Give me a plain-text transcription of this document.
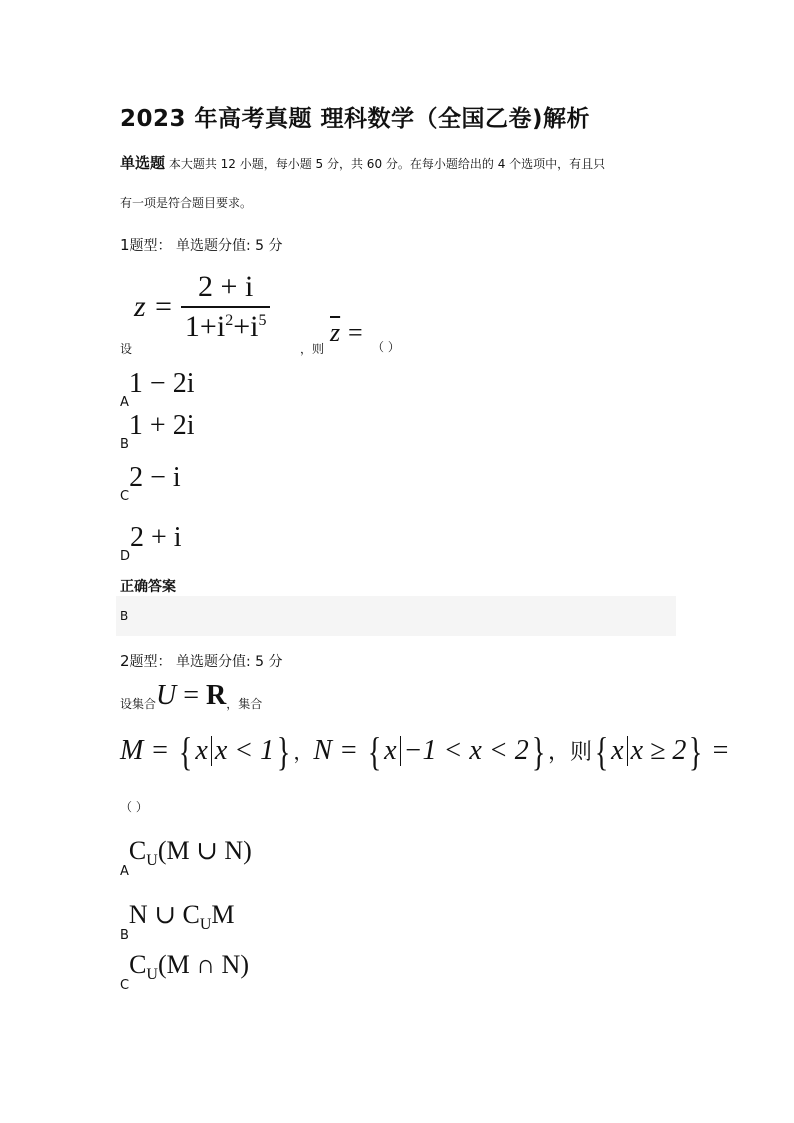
2023 年高考真题 理科数学（全国乙卷)解析
单选题 本大题共 12 小题，每小题 5 分，共 60 分。在每小题给出的 4 个选项中，有且只
有一项是符合题目要求。
1题型： 单选题分值: 5 分
设
$z = \frac{2 + i}{1+i^2+i^5}$
，则
$\overline{z}$ = （ ）
$_A$1 − 2i
$_B$1 + 2i
$_C$2 − i
$_D$2 + i
正确答案
B
2题型： 单选题分值: 5 分
$_{设集合}U = R_{,集合}$
M = { x x < 1} ，N = { x −1 < x < 2} ，则{ x x ≥ 2} =
（ ）
$_AC_U(M$ ∪ N)
$_B$N ∪ $C_UM$
$_CC_U(M$ ∩ N)
